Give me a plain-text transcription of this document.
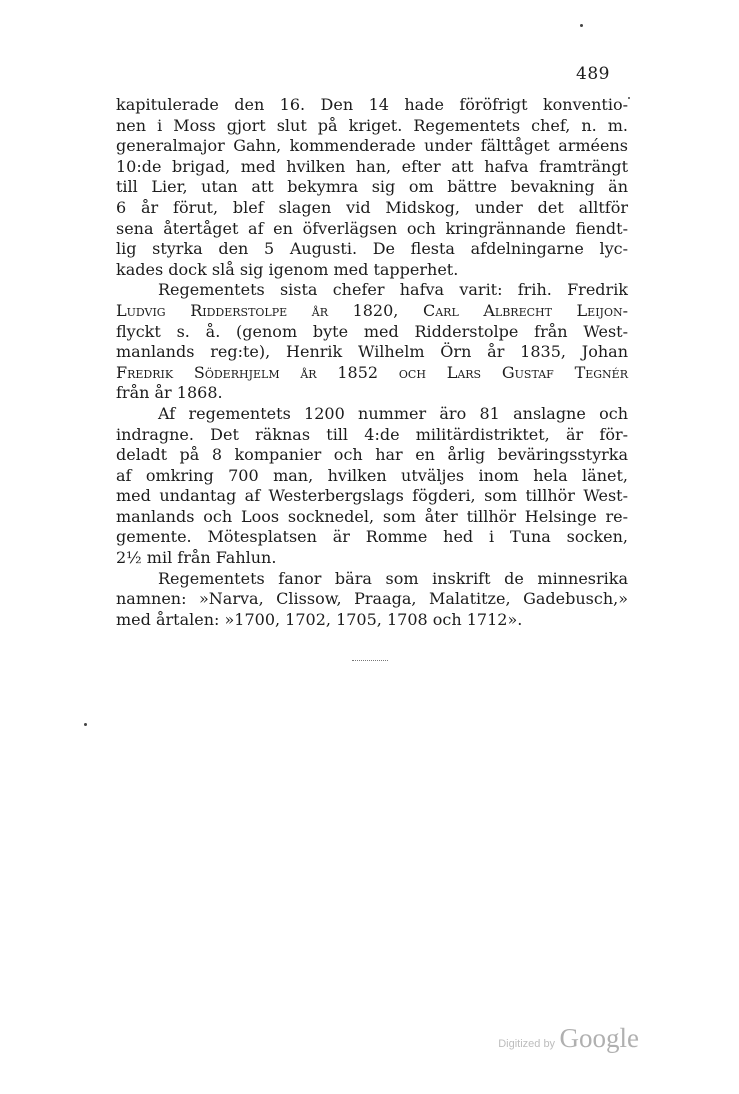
489
kapitulerade den 16. Den 14 hade föröfrigt konventio-
nen i Moss gjort slut på kriget. Regementets chef, n. m.
generalmajor Gahn, kommenderade under fälttåget arméens
10:de brigad, med hvilken han, efter att hafva framträngt
till Lier, utan att bekymra sig om bättre bevakning än
6 år förut, blef slagen vid Midskog, under det alltför
sena återtåget af en öfverlägsen och kringrännande fiendt-
lig styrka den 5 Augusti. De flesta afdelningarne lyc-
kades dock slå sig igenom med tapperhet.
Regementets sista chefer hafva varit: frih. Fredrik
Ludvig Ridderstolpe år 1820, Carl Albrecht Leijon-
flyckt s. å. (genom byte med Ridderstolpe från West-
manlands reg:te), Henrik Wilhelm Örn år 1835, Johan
Fredrik Söderhjelm år 1852 och Lars Gustaf Tegnér
från år 1868.
Af regementets 1200 nummer äro 81 anslagne och
indragne. Det räknas till 4:de militärdistriktet, är för-
deladt på 8 kompanier och har en årlig beväringsstyrka
af omkring 700 man, hvilken utväljes inom hela länet,
med undantag af Westerbergslags fögderi, som tillhör West-
manlands och Loos socknedel, som åter tillhör Helsinge re-
gemente. Mötesplatsen är Romme hed i Tuna socken,
2½ mil från Fahlun.
Regementets fanor bära som inskrift de minnesrika
namnen: »Narva, Clissow, Praaga, Malatitze, Gadebusch,»
med årtalen: »1700, 1702, 1705, 1708 och 1712».
Digitized by Google
